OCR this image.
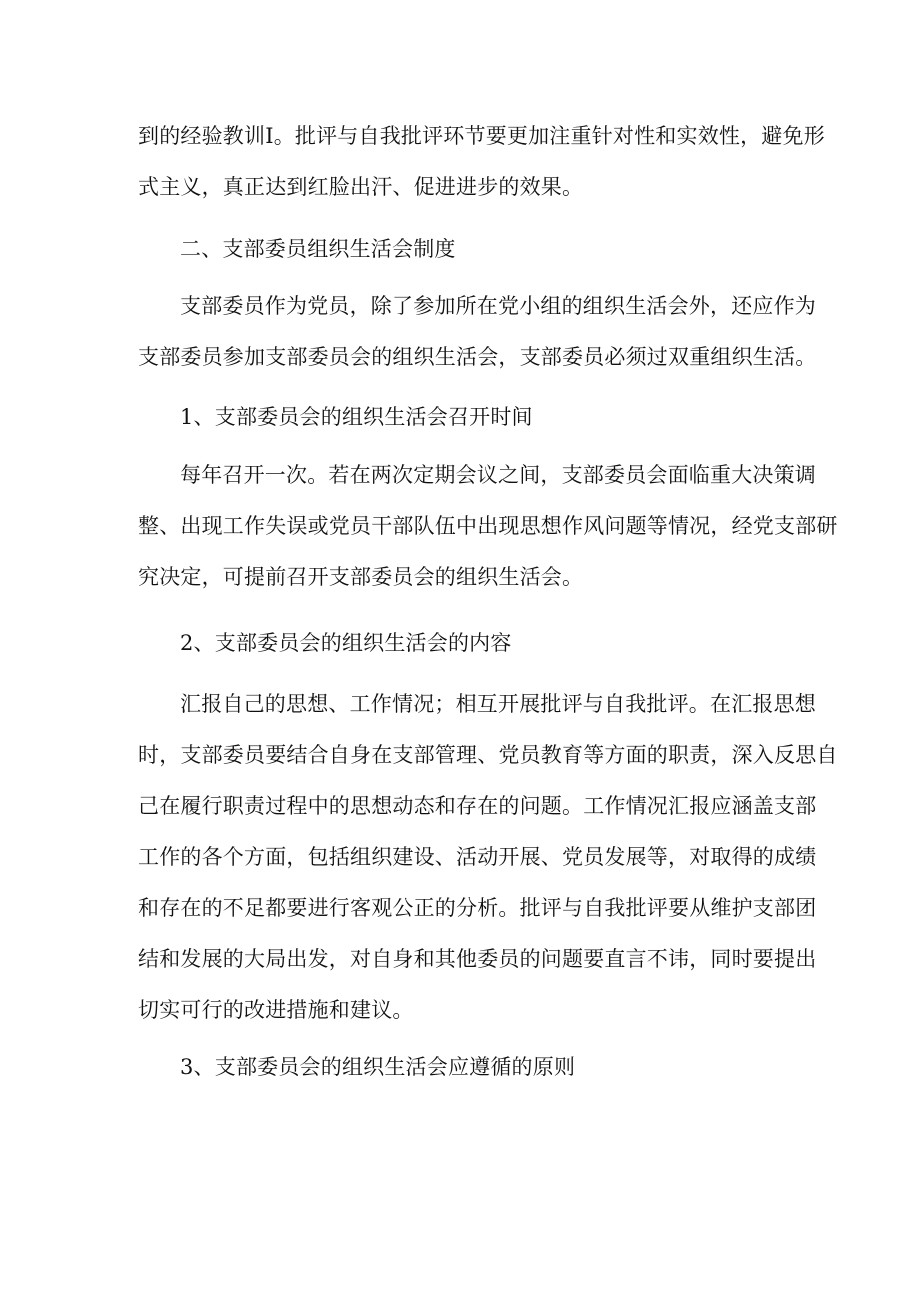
到的经验教训I。批评与自我批评环节要更加注重针对性和实效性，避免形
式主义，真正达到红脸出汗、促进进步的效果。
二、支部委员组织生活会制度
支部委员作为党员，除了参加所在党小组的组织生活会外，还应作为
支部委员参加支部委员会的组织生活会，支部委员必须过双重组织生活。
1、支部委员会的组织生活会召开时间
每年召开一次。若在两次定期会议之间，支部委员会面临重大决策调
整、出现工作失误或党员干部队伍中出现思想作风问题等情况，经党支部研
究决定，可提前召开支部委员会的组织生活会。
2、支部委员会的组织生活会的内容
汇报自己的思想、工作情况；相互开展批评与自我批评。在汇报思想
时，支部委员要结合自身在支部管理、党员教育等方面的职责，深入反思自
己在履行职责过程中的思想动态和存在的问题。工作情况汇报应涵盖支部
工作的各个方面，包括组织建设、活动开展、党员发展等，对取得的成绩
和存在的不足都要进行客观公正的分析。批评与自我批评要从维护支部团
结和发展的大局出发，对自身和其他委员的问题要直言不讳，同时要提出
切实可行的改进措施和建议。
3、支部委员会的组织生活会应遵循的原则
